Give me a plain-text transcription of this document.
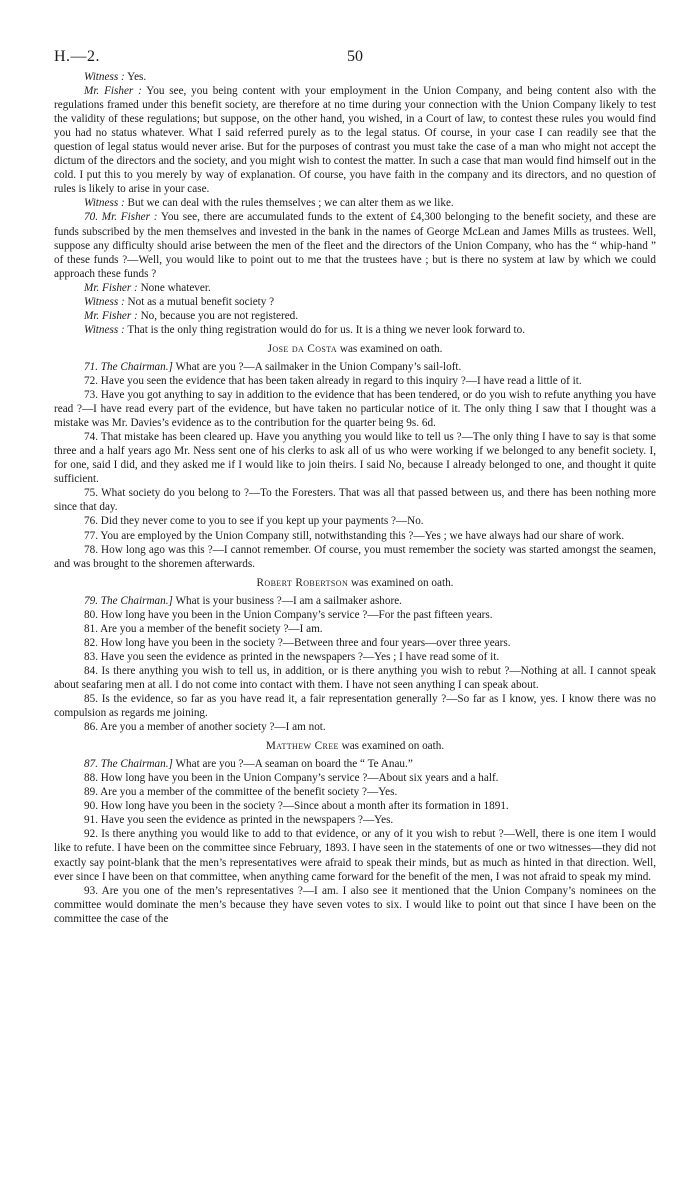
H.—2.	50

Witness : Yes.

Mr. Fisher : You see, you being content with your employment in the Union Company, and being content also with the regulations framed under this benefit society, are therefore at no time during your connection with the Union Company likely to test the validity of these regulations; but suppose, on the other hand, you wished, in a Court of law, to contest these rules you would find you had no status whatever. What I said referred purely as to the legal status. Of course, in your case I can readily see that the question of legal status would never arise. But for the purposes of contrast you must take the case of a man who might not accept the dictum of the directors and the society, and you might wish to contest the matter. In such a case that man would find himself out in the cold. I put this to you merely by way of explanation. Of course, you have faith in the company and its directors, and no question of rules is likely to arise in your case.

Witness : But we can deal with the rules themselves ; we can alter them as we like.

70. Mr. Fisher : You see, there are accumulated funds to the extent of £4,300 belonging to the benefit society, and these are funds subscribed by the men themselves and invested in the bank in the names of George McLean and James Mills as trustees. Well, suppose any difficulty should arise between the men of the fleet and the directors of the Union Company, who has the “ whip-hand ” of these funds ?—Well, you would like to point out to me that the trustees have ; but is there no system at law by which we could approach these funds ?

Mr. Fisher : None whatever.

Witness : Not as a mutual benefit society ?

Mr. Fisher : No, because you are not registered.

Witness : That is the only thing registration would do for us. It is a thing we never look forward to.

Jose da Costa was examined on oath.

71. The Chairman.] What are you ?—A sailmaker in the Union Company’s sail-loft.

72. Have you seen the evidence that has been taken already in regard to this inquiry ?—I have read a little of it.

73. Have you got anything to say in addition to the evidence that has been tendered, or do you wish to refute anything you have read ?—I have read every part of the evidence, but have taken no particular notice of it. The only thing I saw that I thought was a mistake was Mr. Davies’s evidence as to the contribution for the quarter being 9s. 6d.

74. That mistake has been cleared up. Have you anything you would like to tell us ?—The only thing I have to say is that some three and a half years ago Mr. Ness sent one of his clerks to ask all of us who were working if we belonged to any benefit society. I, for one, said I did, and they asked me if I would like to join theirs. I said No, because I already belonged to one, and thought it quite sufficient.

75. What society do you belong to ?—To the Foresters. That was all that passed between us, and there has been nothing more since that day.

76. Did they never come to you to see if you kept up your payments ?—No.

77. You are employed by the Union Company still, notwithstanding this ?—Yes ; we have always had our share of work.

78. How long ago was this ?—I cannot remember. Of course, you must remember the society was started amongst the seamen, and was brought to the shoremen afterwards.

Robert Robertson was examined on oath.

79. The Chairman.] What is your business ?—I am a sailmaker ashore.

80. How long have you been in the Union Company’s service ?—For the past fifteen years.

81. Are you a member of the benefit society ?—I am.

82. How long have you been in the society ?—Between three and four years—over three years.

83. Have you seen the evidence as printed in the newspapers ?—Yes ; I have read some of it.

84. Is there anything you wish to tell us, in addition, or is there anything you wish to rebut ?—Nothing at all. I cannot speak about seafaring men at all. I do not come into contact with them. I have not seen anything I can speak about.

85. Is the evidence, so far as you have read it, a fair representation generally ?—So far as I know, yes. I know there was no compulsion as regards me joining.

86. Are you a member of another society ?—I am not.

Matthew Cree was examined on oath.

87. The Chairman.] What are you ?—A seaman on board the “ Te Anau.”

88. How long have you been in the Union Company’s service ?—About six years and a half.

89. Are you a member of the committee of the benefit society ?—Yes.

90. How long have you been in the society ?—Since about a month after its formation in 1891.

91. Have you seen the evidence as printed in the newspapers ?—Yes.

92. Is there anything you would like to add to that evidence, or any of it you wish to rebut ?—Well, there is one item I would like to refute. I have been on the committee since February, 1893. I have seen in the statements of one or two witnesses—they did not exactly say point-blank that the men’s representatives were afraid to speak their minds, but as much as hinted in that direction. Well, ever since I have been on that committee, when anything came forward for the benefit of the men, I was not afraid to speak my mind.

93. Are you one of the men’s representatives ?—I am. I also see it mentioned that the Union Company’s nominees on the committee would dominate the men’s because they have seven votes to six. I would like to point out that since I have been on the committee the case of the
